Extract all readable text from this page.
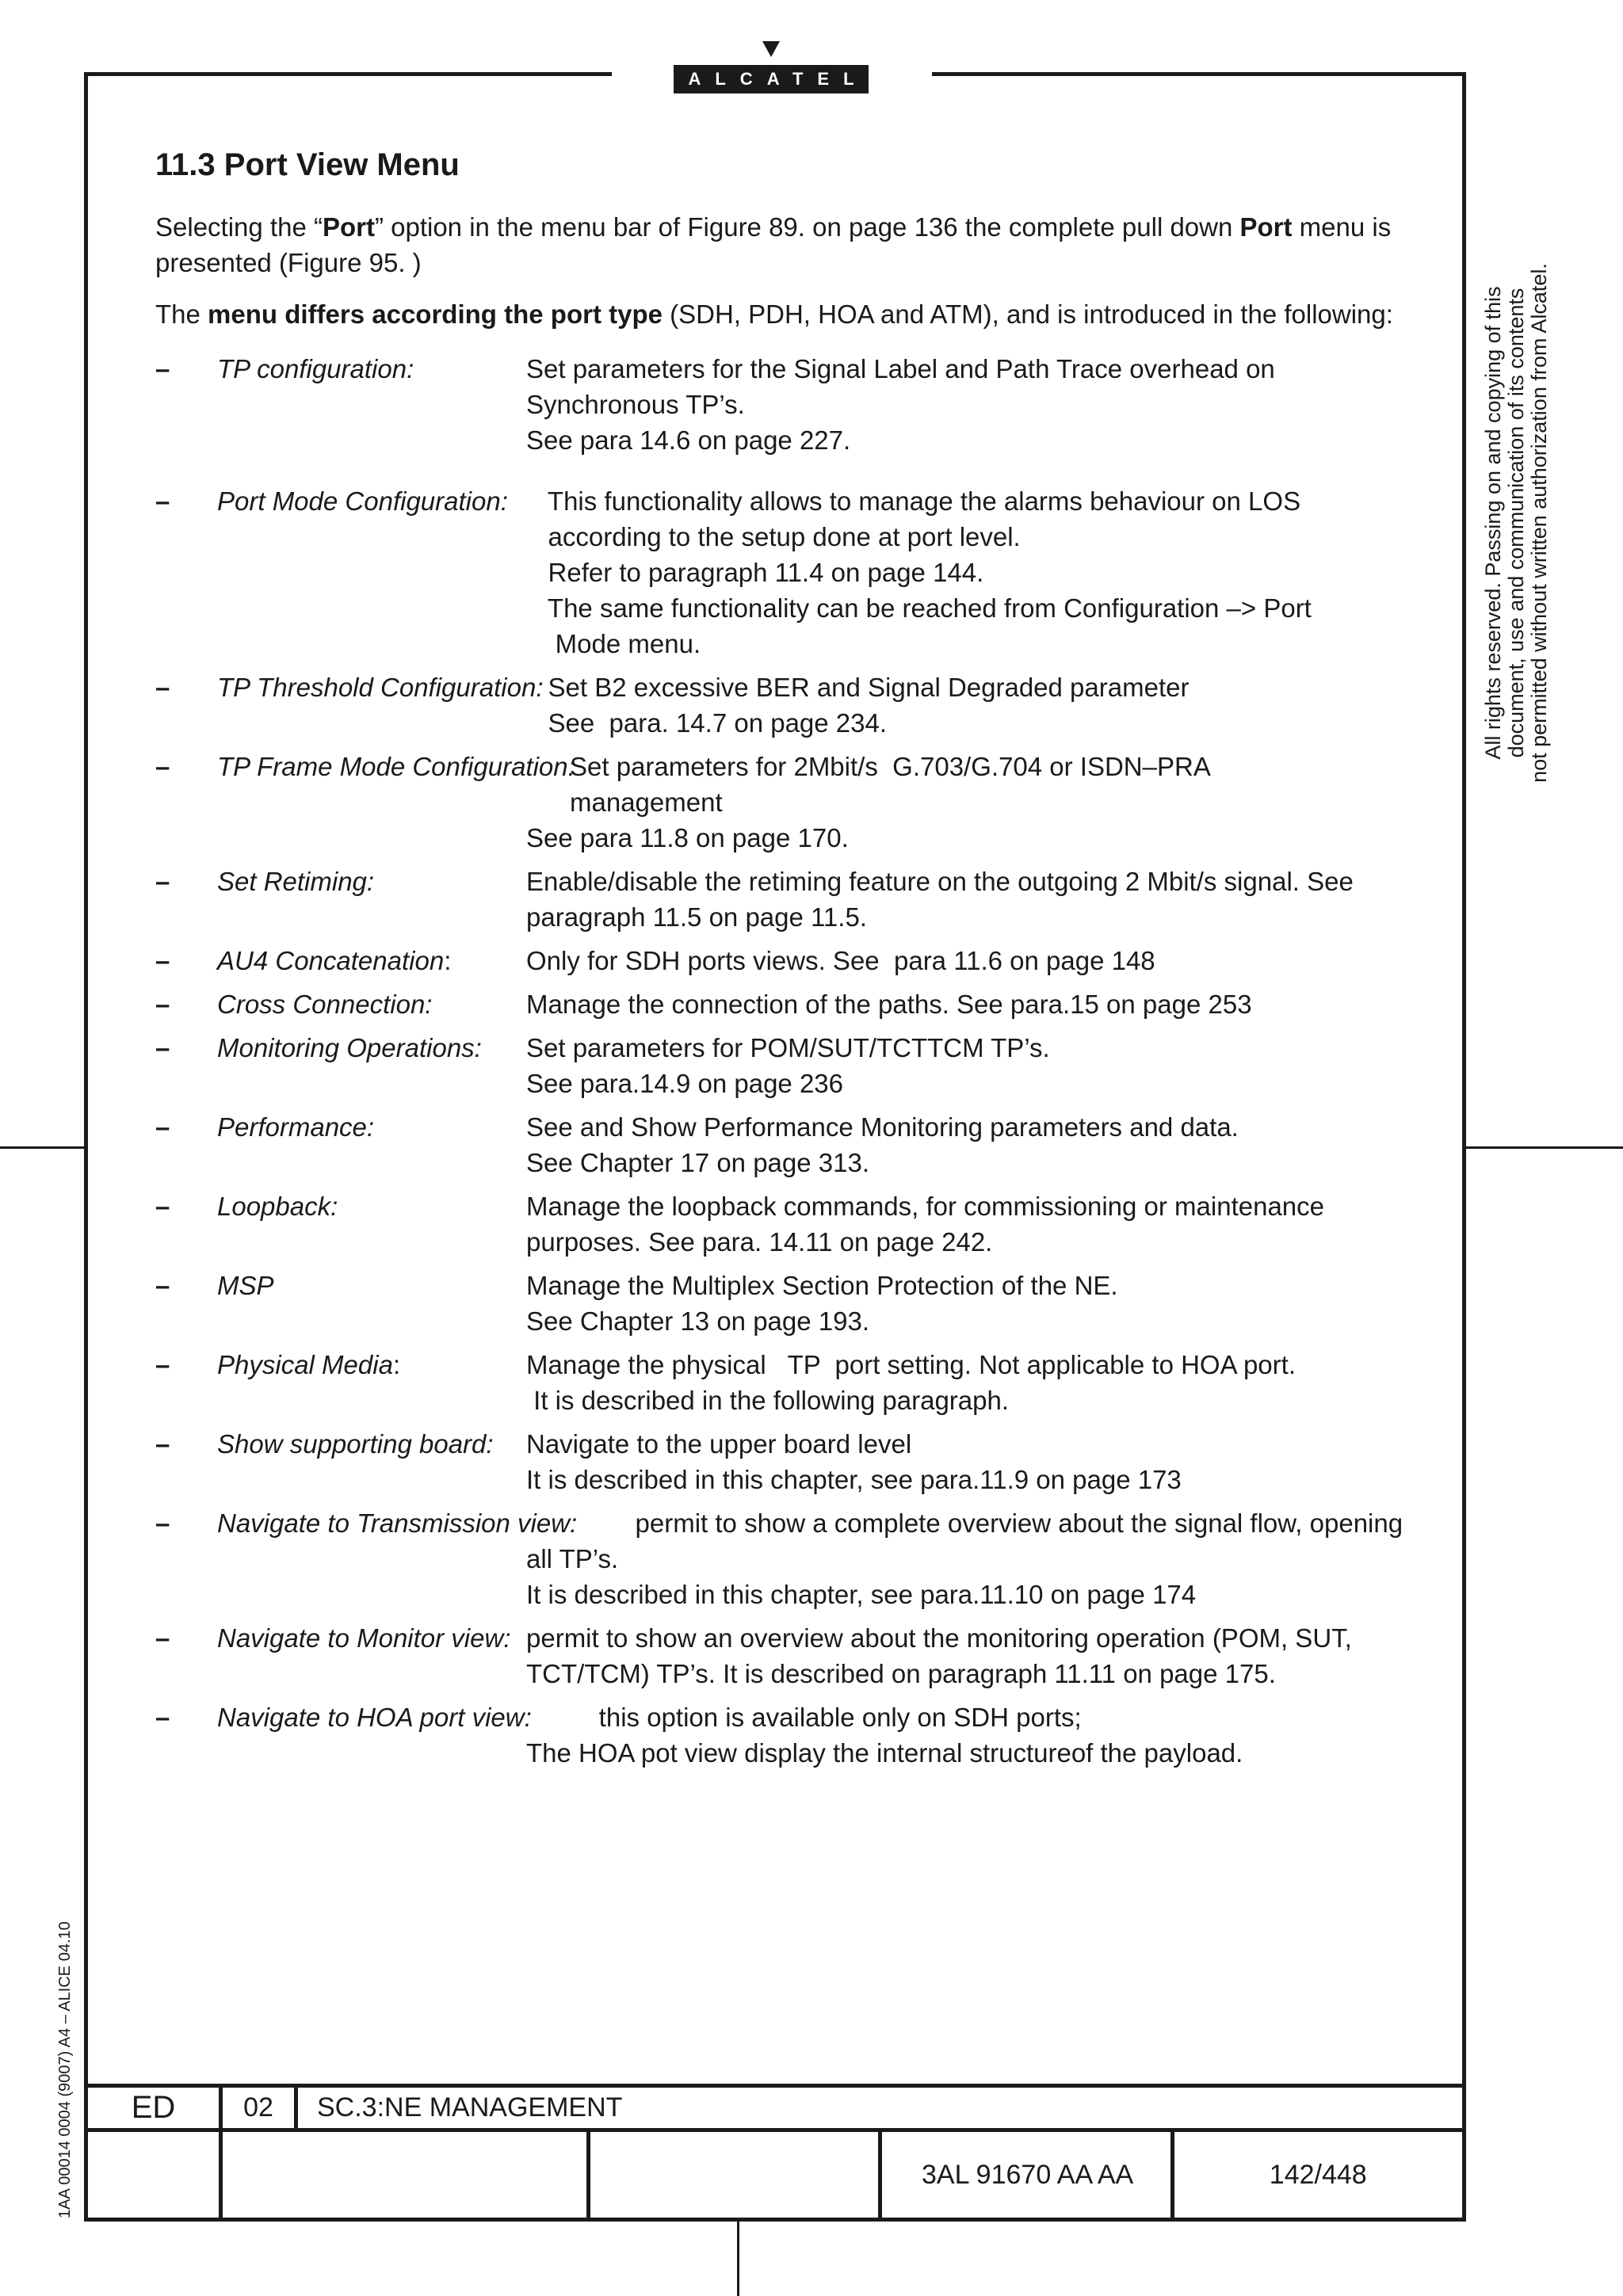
ALCATEL
11.3 Port View Menu

Selecting the “Port” option in the menu bar of Figure 89. on page 136 the complete pull down Port menu is presented (Figure 95. )

The menu differs according the port type (SDH, PDH, HOA and ATM), and is introduced in the following:

– TP configuration:	Set parameters for the Signal Label and Path Trace overhead on
Synchronous TP’s.
See para 14.6 on page 227.
– Port Mode Configuration: This functionality allows to manage the alarms behaviour on LOS
according to the setup done at port level.
Refer to paragraph 11.4 on page 144.
The same functionality can be reached from Configuration –> Port
Mode menu.
– TP Threshold Configuration:
Set B2 excessive BER and Signal Degraded parameter
See  para. 14.7 on page 234.
– TP Frame Mode Configuration:
Set parameters for 2Mbit/s  G.703/G.704 or ISDN–PRA
management
See para 11.8 on page 170.
– Set Retiming:	Enable/disable the retiming feature on the outgoing 2 Mbit/s signal. See
paragraph 11.5 on page 11.5.
– AU4 Concatenation:	Only for SDH ports views. See  para 11.6 on page 148
– Cross Connection:	Manage the connection of the paths. See para.15 on page 253
– Monitoring Operations: Set parameters for POM/SUT/TCTTCM TP’s.
See para.14.9 on page 236
– Performance:	See and Show Performance Monitoring parameters and data.
See Chapter 17 on page 313.
– Loopback:	Manage the loopback commands, for commissioning or maintenance
purposes. See para. 14.11 on page 242.
– MSP	Manage the Multiplex Section Protection of the NE.
See Chapter 13 on page 193.
– Physical Media:	Manage the physical   TP  port setting. Not applicable to HOA port.
It is described in the following paragraph.
– Show supporting board: Navigate to the upper board level
It is described in this chapter, see para.11.9 on page 173
– Navigate to Transmission view:
permit to show a complete overview about the signal flow, opening
all TP’s.
It is described in this chapter, see para.11.10 on page 174
– Navigate to Monitor view: permit to show an overview about the monitoring operation (POM, SUT,
TCT/TCM) TP’s. It is described on paragraph 11.11 on page 175.
– Navigate to HOA port view:
this option is available only on SDH ports;
The HOA pot view display the internal structureof the payload.
All rights reserved. Passing on and copying of this document, use and communication of its contents not permitted without written authorization from Alcatel.
1AA 00014 0004 (9007) A4 – ALICE 04.10 ED	02	SC.3:NE MANAGEMENT			
				3AL 91670 AA AA	142/448
